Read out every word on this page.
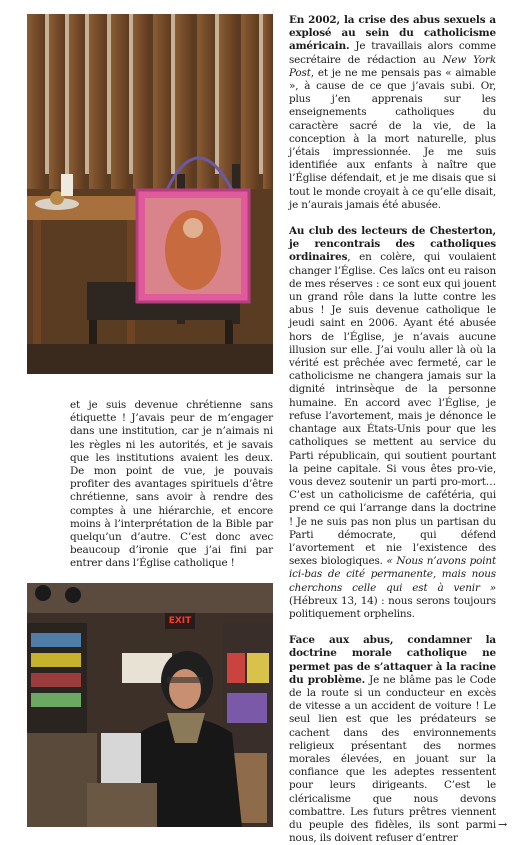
et je suis devenue chrétienne sans étiquette ! J’avais peur de m’engager dans une institution, car je n’aimais ni les règles ni les autorités, et je savais que les institutions avaient les deux. De mon point de vue, je pouvais profiter des avantages spirituels d’être chrétienne, sans avoir à rendre des comptes à une hiérarchie, et encore moins à l’interprétation de la Bible par quelqu’un d’autre. C’est donc avec beaucoup d’ironie que j’ai fini par entrer dans l’Église catholique !

EXIT

En 2002, la crise des abus sexuels a explosé au sein du catholicisme américain. Je travaillais alors comme secrétaire de rédaction au New York Post, et je ne me pensais pas « aimable », à cause de ce que j’avais subi. Or, plus j’en apprenais sur les enseignements catholiques du caractère sacré de la vie, de la conception à la mort naturelle, plus j’étais impressionnée. Je me suis identifiée aux enfants à naître que l’Église défendait, et je me disais que si tout le monde croyait à ce qu’elle disait, je n’aurais jamais été abusée.

Au club des lecteurs de Chesterton, je rencontrais des catholiques ordinaires, en colère, qui voulaient changer l’Église. Ces laïcs ont eu raison de mes réserves : ce sont eux qui jouent un grand rôle dans la lutte contre les abus ! Je suis devenue catholique le jeudi saint en 2006. Ayant été abusée hors de l’Église, je n’avais aucune illusion sur elle. J’ai voulu aller là où la vérité est prêchée avec fermeté, car le catholicisme ne changera jamais sur la dignité intrinsèque de la personne humaine. En accord avec l’Église, je refuse l’avortement, mais je dénonce le chantage aux États-Unis pour que les catholiques se mettent au service du Parti républicain, qui soutient pourtant la peine capitale. Si vous êtes pro-vie, vous devez soutenir un parti pro-mort… C’est un catholicisme de cafétéria, qui prend ce qui l’arrange dans la doctrine ! Je ne suis pas non plus un partisan du Parti démocrate, qui défend l’avortement et nie l’existence des sexes biologiques. « Nous n’avons point ici-bas de cité permanente, mais nous cherchons celle qui est à venir » (Hébreux 13, 14) : nous serons toujours politiquement orphelins.

Face aux abus, condamner la doctrine morale catholique ne permet pas de s’attaquer à la racine du problème. Je ne blâme pas le Code de la route si un conducteur en excès de vitesse a un accident de voiture ! Le seul lien est que les prédateurs se cachent dans des environnements religieux présentant des normes morales élevées, en jouant sur la confiance que les adeptes ressentent pour leurs dirigeants. C’est le cléricalisme que nous devons combattre. Les futurs prêtres viennent du peuple des fidèles, ils sont parmi nous, ils doivent refuser d’entrer

→
